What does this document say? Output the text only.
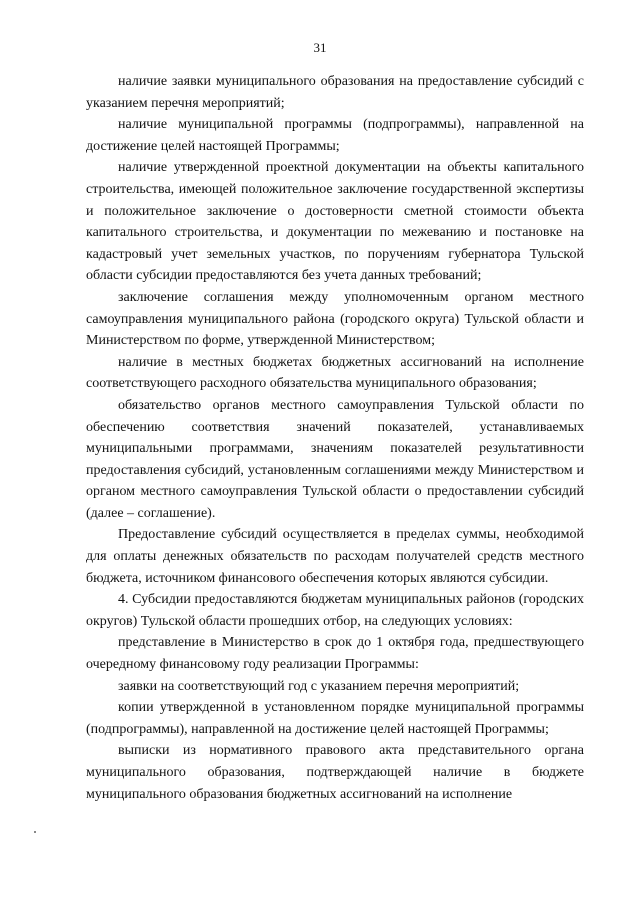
31

наличие заявки муниципального образования на предоставление субсидий с указанием перечня мероприятий;

наличие муниципальной программы (подпрограммы), направленной на достижение целей настоящей Программы;

наличие утвержденной проектной документации на объекты капитального строительства, имеющей положительное заключение государственной экспертизы и положительное заключение о достоверности сметной стоимости объекта капитального строительства, и документации по межеванию и постановке на кадастровый учет земельных участков, по поручениям губернатора Тульской области субсидии предоставляются без учета данных требований;

заключение соглашения между уполномоченным органом местного самоуправления муниципального района (городского округа) Тульской области и Министерством по форме, утвержденной Министерством;

наличие в местных бюджетах бюджетных ассигнований на исполнение соответствующего расходного обязательства муниципального образования;

обязательство органов местного самоуправления Тульской области по обеспечению соответствия значений показателей, устанавливаемых муниципальными программами, значениям показателей результативности предоставления субсидий, установленным соглашениями между Министерством и органом местного самоуправления Тульской области о предоставлении субсидий (далее – соглашение).

Предоставление субсидий осуществляется в пределах суммы, необходимой для оплаты денежных обязательств по расходам получателей средств местного бюджета, источником финансового обеспечения которых являются субсидии.

4. Субсидии предоставляются бюджетам муниципальных районов (городских округов) Тульской области прошедших отбор, на следующих условиях:

представление в Министерство в срок до 1 октября года, предшествующего очередному финансовому году реализации Программы:

заявки на соответствующий год с указанием перечня мероприятий;

копии утвержденной в установленном порядке муниципальной программы (подпрограммы), направленной на достижение целей настоящей Программы;

выписки из нормативного правового акта представительного органа муниципального образования, подтверждающей наличие в бюджете муниципального образования бюджетных ассигнований на исполнение
